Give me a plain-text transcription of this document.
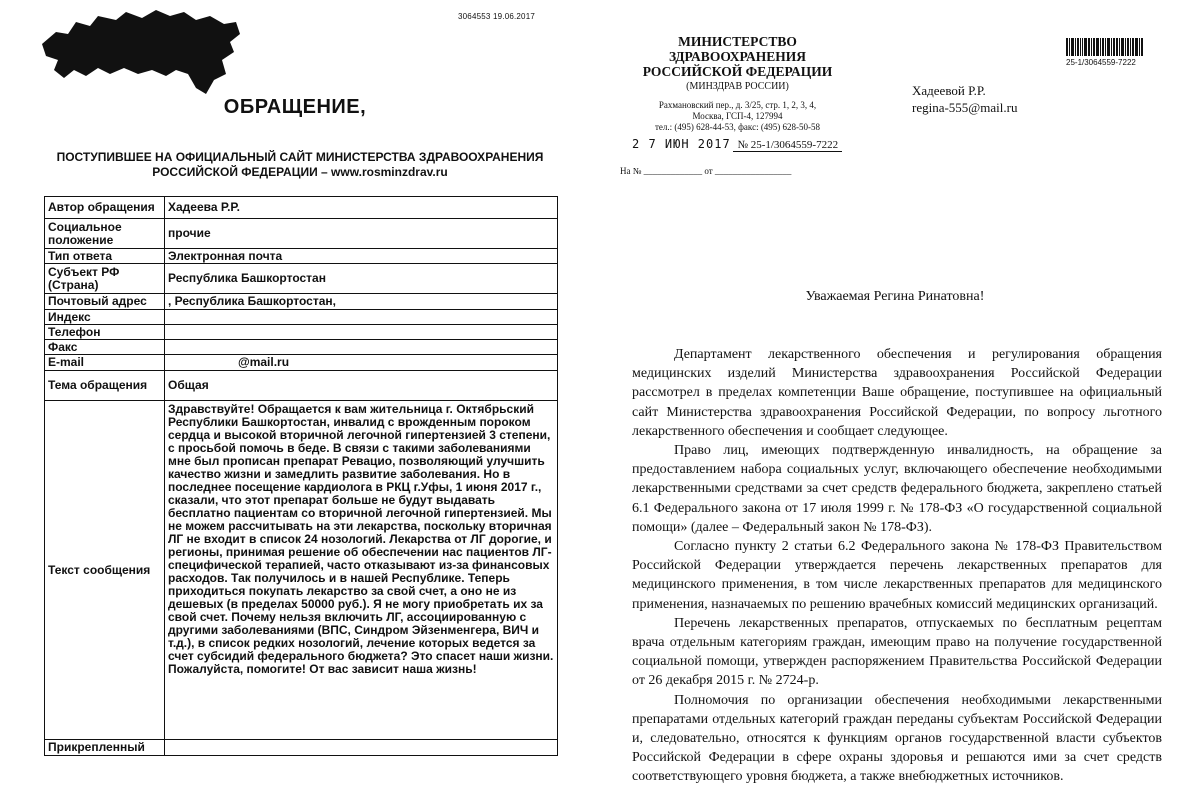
3064553 19.06.2017
ОБРАЩЕНИЕ,
ПОСТУПИВШЕЕ НА ОФИЦИАЛЬНЫЙ САЙТ МИНИСТЕРСТВА ЗДРАВООХРАНЕНИЯ
РОССИЙСКОЙ ФЕДЕРАЦИИ – www.rosminzdrav.ru
Автор обращения	Хадеева Р.Р.
Социальное положение	прочие
Тип ответа	Электронная почта
Субъект РФ (Страна)	Республика Башкортостан
Почтовый адрес	, Республика Башкортостан,
Индекс	
Телефон	
Факс	
E-mail	@mail.ru
Тема обращения	Общая
Текст сообщения	Здравствуйте! Обращается к вам жительница г. Октябрьский Республики Башкортостан, инвалид с врожденным пороком сердца и высокой вторичной легочной гипертензией 3 степени, с просьбой помочь в беде. В связи с такими заболеваниями мне был прописан препарат Ревацио, позволяющий улучшить качество жизни и замедлить развитие заболевания. Но в последнее посещение кардиолога в РКЦ г.Уфы, 1 июня 2017 г., сказали, что этот препарат больше не будут выдавать бесплатно пациентам со вторичной легочной гипертензией. Мы не можем рассчитывать на эти лекарства, поскольку вторичная ЛГ не входит в список 24 нозологий. Лекарства от ЛГ дорогие, и регионы, принимая решение об обеспечении нас пациентов ЛГ-специфической терапией, часто отказывают из-за финансовых расходов. Так получилось и в нашей Республике. Теперь приходиться покупать лекарство за свой счет, а оно не из дешевых (в пределах 50000 руб.). Я не могу приобретать их за свой счет. Почему нельзя включить ЛГ, ассоциированную с другими заболеваниями (ВПС, Синдром Эйзенменгера, ВИЧ и т.д.), в список редких нозологий, лечение которых ведется за счет субсидий федерального бюджета? Это спасет наши жизни. Пожалуйста, помогите! От вас зависит наша жизнь!
Прикрепленный	
МИНИСТЕРСТВО
ЗДРАВООХРАНЕНИЯ
РОССИЙСКОЙ ФЕДЕРАЦИИ
(МИНЗДРАВ РОССИИ)
Рахмановский пер., д. 3/25, стр. 1, 2, 3, 4,
Москва, ГСП-4, 127994
тел.: (495) 628-44-53, факс: (495) 628-50-58
2 7 ИЮН 2017 № 25-1/3064559-7222
На № _____________ от _________________
25-1/3064559-7222
Хадеевой Р.Р.
regina-555@mail.ru
Уважаемая Регина Ринатовна!

Департамент лекарственного обеспечения и регулирования обращения медицинских изделий Министерства здравоохранения Российской Федерации рассмотрел в пределах компетенции Ваше обращение, поступившее на официальный сайт Министерства здравоохранения Российской Федерации, по вопросу льготного лекарственного обеспечения и сообщает следующее.

Право лиц, имеющих подтвержденную инвалидность, на обращение за предоставлением набора социальных услуг, включающего обеспечение необходимыми лекарственными средствами за счет средств федерального бюджета, закреплено статьей 6.1 Федерального закона от 17 июля 1999 г. № 178-ФЗ «О государственной социальной помощи» (далее – Федеральный закон № 178-ФЗ).

Согласно пункту 2 статьи 6.2 Федерального закона № 178-ФЗ Правительством Российской Федерации утверждается перечень лекарственных препаратов для медицинского применения, в том числе лекарственных препаратов для медицинского применения, назначаемых по решению врачебных комиссий медицинских организаций.

Перечень лекарственных препаратов, отпускаемых по бесплатным рецептам врача отдельным категориям граждан, имеющим право на получение государственной социальной помощи, утвержден распоряжением Правительства Российской Федерации от 26 декабря 2015 г. № 2724-р.

Полномочия по организации обеспечения необходимыми лекарственными препаратами отдельных категорий граждан переданы субъектам Российской Федерации и, следовательно, относятся к функциям органов государственной власти субъектов Российской Федерации в сфере охраны здоровья и решаются ими за счет средств соответствующего уровня бюджета, а также внебюджетных источников.
